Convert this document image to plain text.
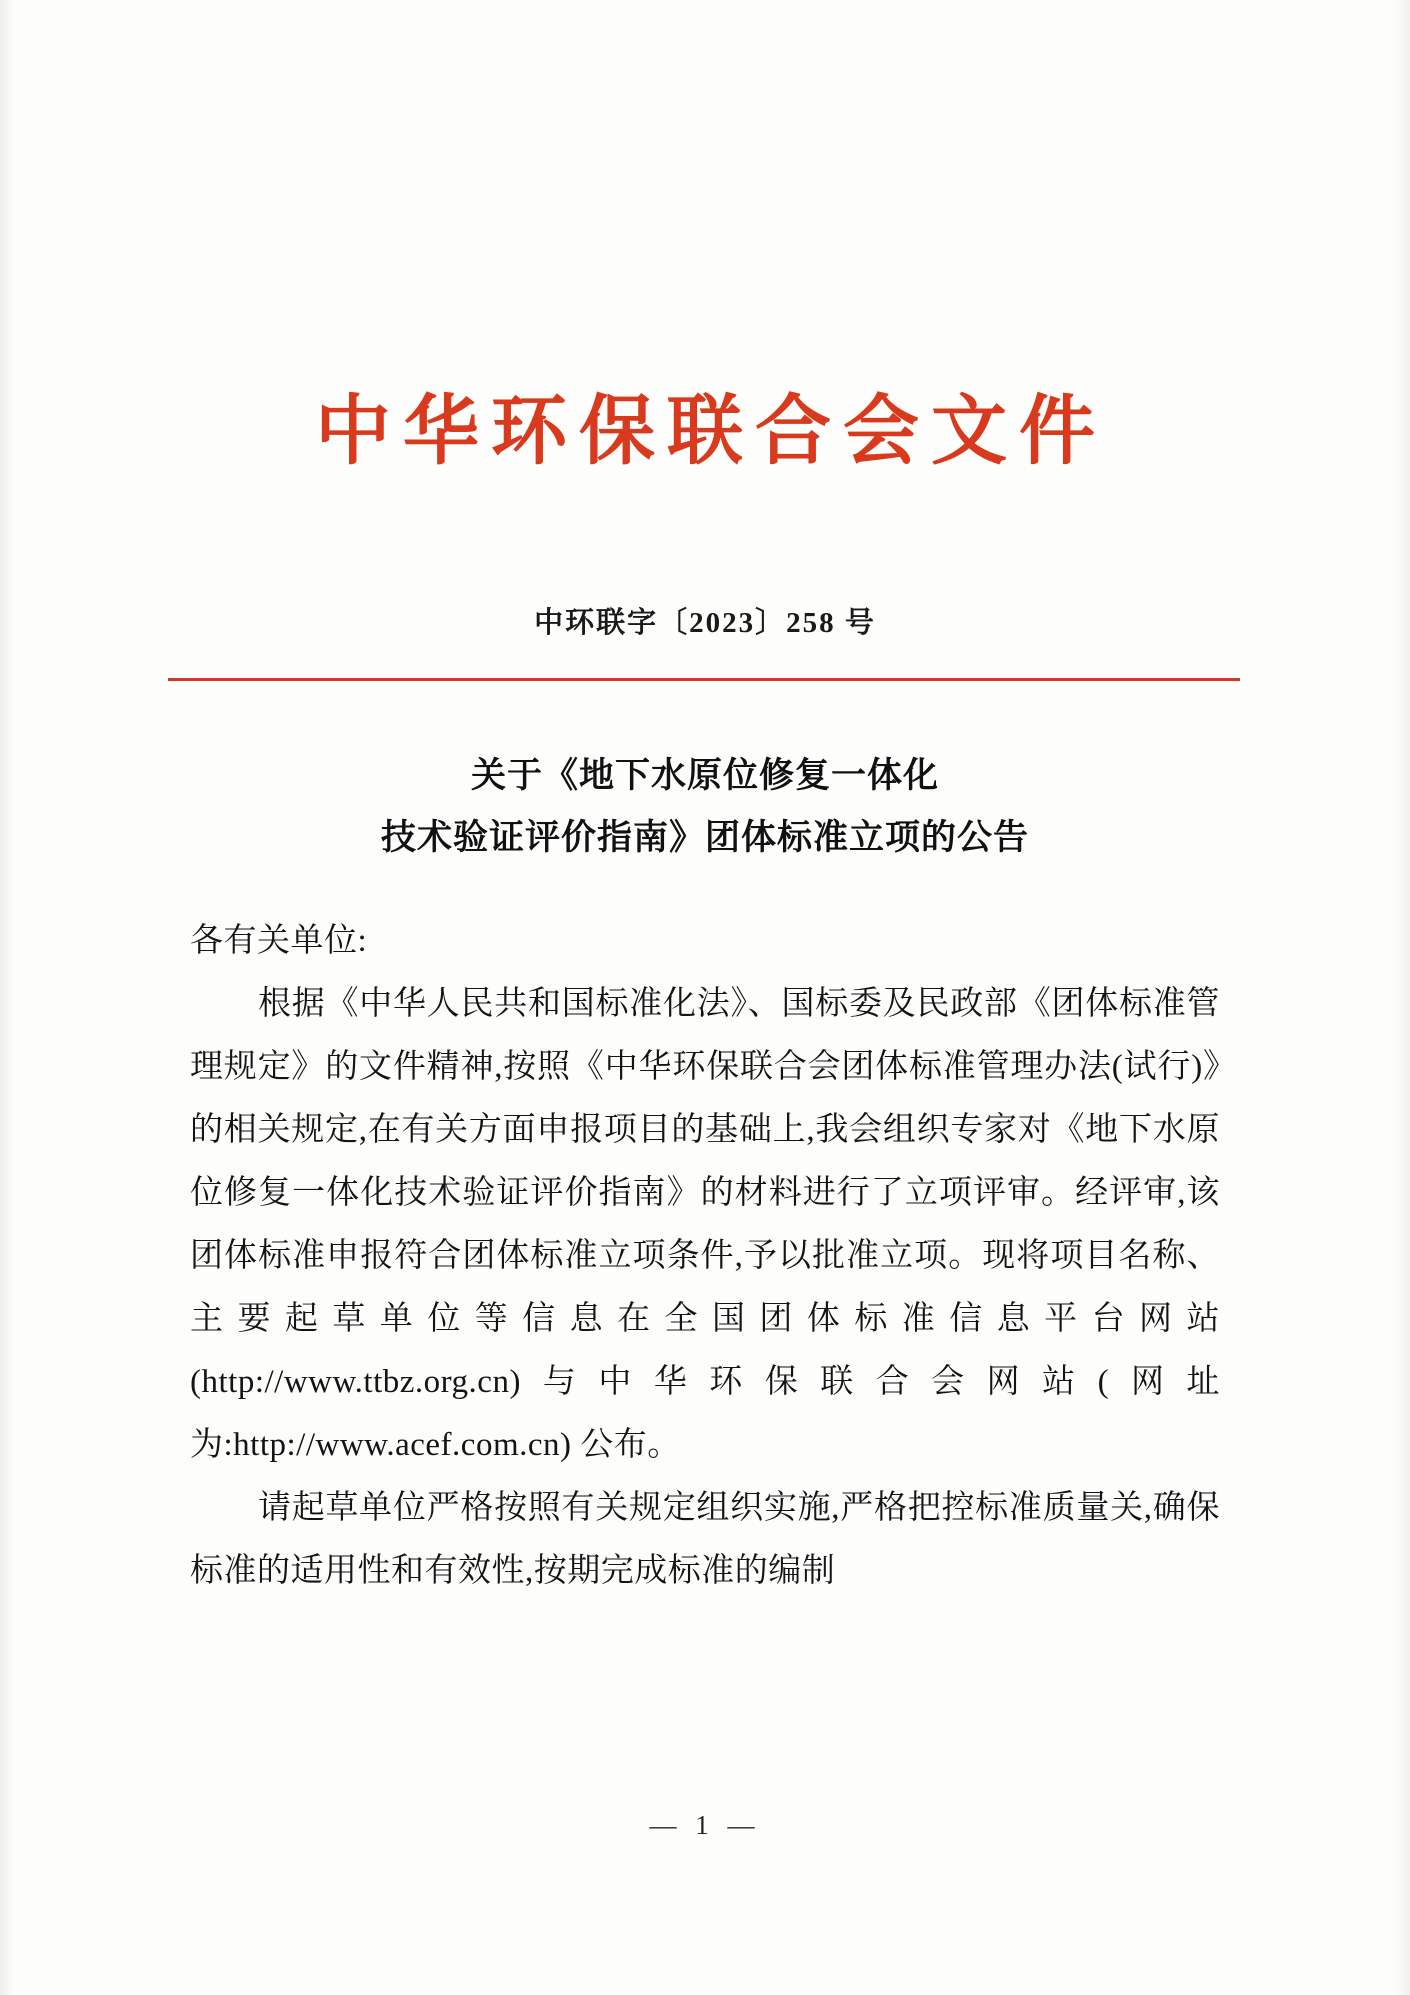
中华环保联合会文件
中环联字〔2023〕258 号
关于《地下水原位修复一体化
技术验证评价指南》团体标准立项的公告

各有关单位:

根据《中华人民共和国标准化法》、国标委及民政部《团体标准管理规定》的文件精神,按照《中华环保联合会团体标准管理办法(试行)》的相关规定,在有关方面申报项目的基础上,我会组织专家对《地下水原位修复一体化技术验证评价指南》的材料进行了立项评审。经评审,该团体标准申报符合团体标准立项条件,予以批准立项。现将项目名称、主要起草单位等信息在全国团体标准信息平台网站(http://www.ttbz.org.cn)与中华环保联合会网站(网址为:http://www.acef.com.cn) 公布。

请起草单位严格按照有关规定组织实施,严格把控标准质量关,确保标准的适用性和有效性,按期完成标准的编制

— 1 —
